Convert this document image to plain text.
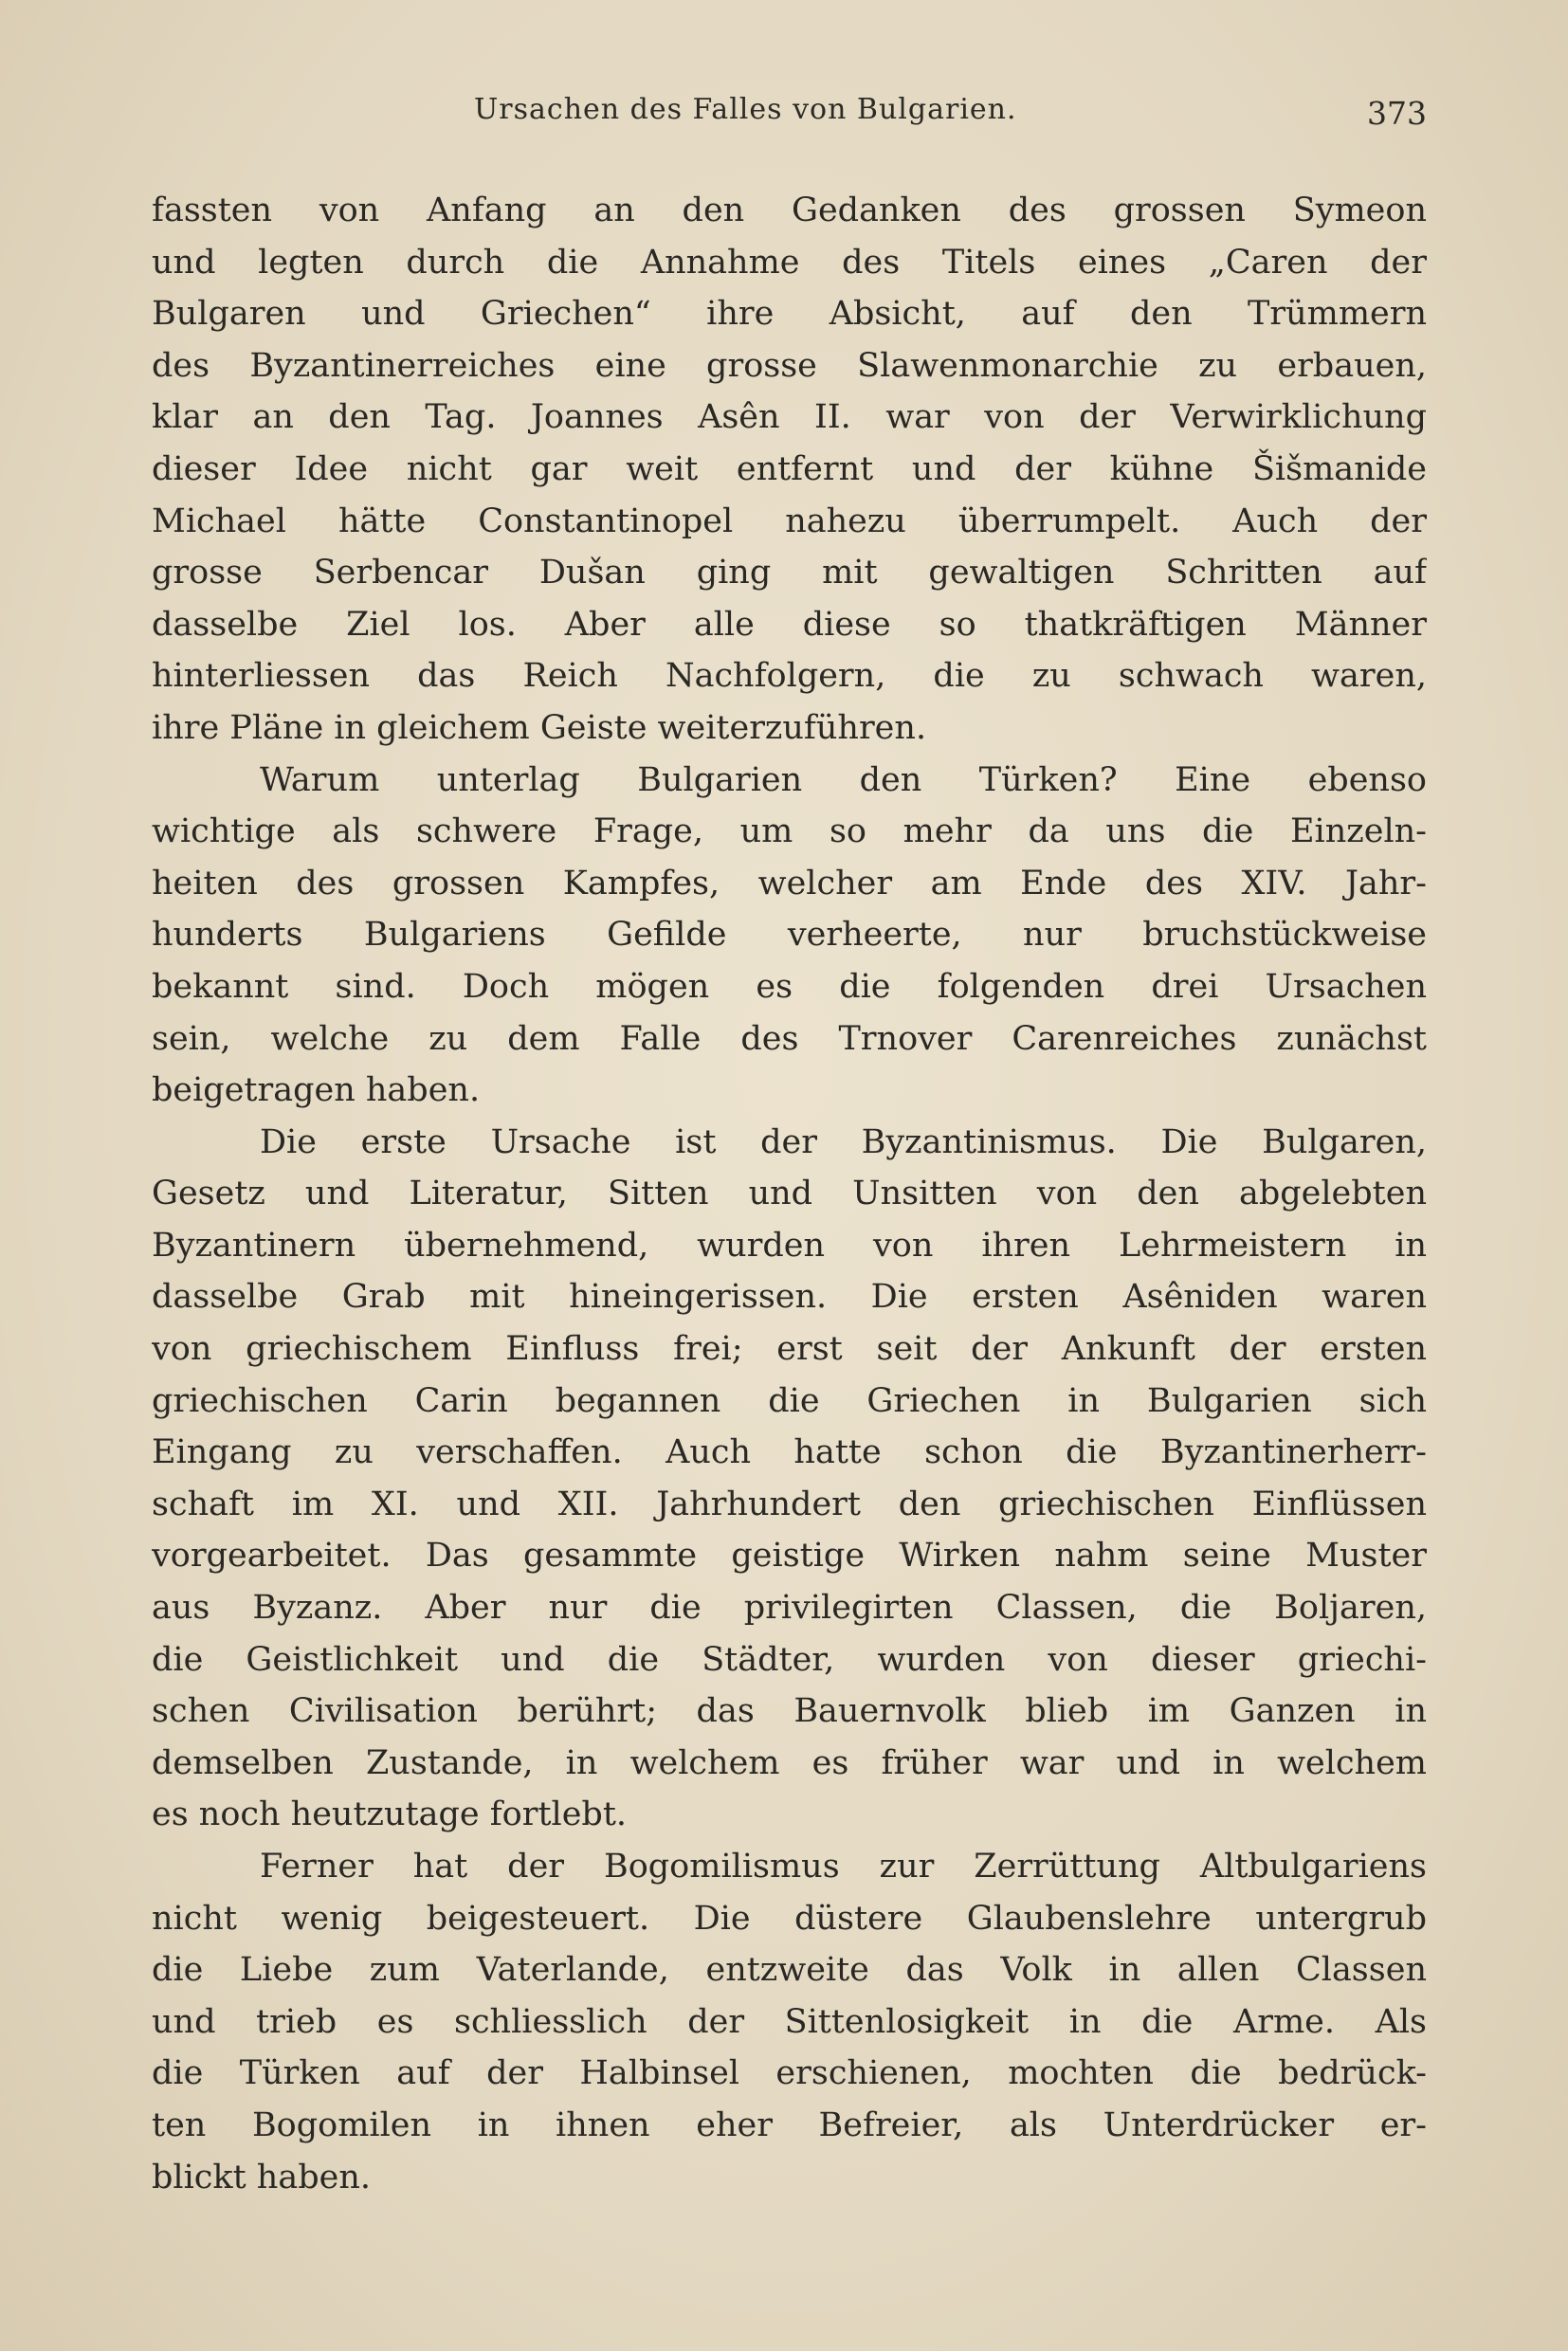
Ursachen des Falles von Bulgarien.	373
fassten von Anfang an den Gedanken des grossen Symeon
und legten durch die Annahme des Titels eines „Caren der
Bulgaren und Griechen“ ihre Absicht, auf den Trümmern
des Byzantinerreiches eine grosse Slawenmonarchie zu erbauen,
klar an den Tag. Joannes Asên II. war von der Verwirklichung
dieser Idee nicht gar weit entfernt und der kühne Šišmanide
Michael hätte Constantinopel nahezu überrumpelt. Auch der
grosse Serbencar Dušan ging mit gewaltigen Schritten auf
dasselbe Ziel los. Aber alle diese so thatkräftigen Männer
hinterliessen das Reich Nachfolgern, die zu schwach waren,
ihre Pläne in gleichem Geiste weiterzuführen.
Warum unterlag Bulgarien den Türken? Eine ebenso
wichtige als schwere Frage, um so mehr da uns die Einzeln-
heiten des grossen Kampfes, welcher am Ende des XIV. Jahr-
hunderts Bulgariens Gefilde verheerte, nur bruchstückweise
bekannt sind. Doch mögen es die folgenden drei Ursachen
sein, welche zu dem Falle des Trnover Carenreiches zunächst
beigetragen haben.
Die erste Ursache ist der Byzantinismus. Die Bulgaren,
Gesetz und Literatur, Sitten und Unsitten von den abgelebten
Byzantinern übernehmend, wurden von ihren Lehrmeistern in
dasselbe Grab mit hineingerissen. Die ersten Asêniden waren
von griechischem Einfluss frei; erst seit der Ankunft der ersten
griechischen Carin begannen die Griechen in Bulgarien sich
Eingang zu verschaffen. Auch hatte schon die Byzantinerherr-
schaft im XI. und XII. Jahrhundert den griechischen Einflüssen
vorgearbeitet. Das gesammte geistige Wirken nahm seine Muster
aus Byzanz. Aber nur die privilegirten Classen, die Boljaren,
die Geistlichkeit und die Städter, wurden von dieser griechi-
schen Civilisation berührt; das Bauernvolk blieb im Ganzen in
demselben Zustande, in welchem es früher war und in welchem
es noch heutzutage fortlebt.
Ferner hat der Bogomilismus zur Zerrüttung Altbulgariens
nicht wenig beigesteuert. Die düstere Glaubenslehre untergrub
die Liebe zum Vaterlande, entzweite das Volk in allen Classen
und trieb es schliesslich der Sittenlosigkeit in die Arme. Als
die Türken auf der Halbinsel erschienen, mochten die bedrück-
ten Bogomilen in ihnen eher Befreier, als Unterdrücker er-
blickt haben.
